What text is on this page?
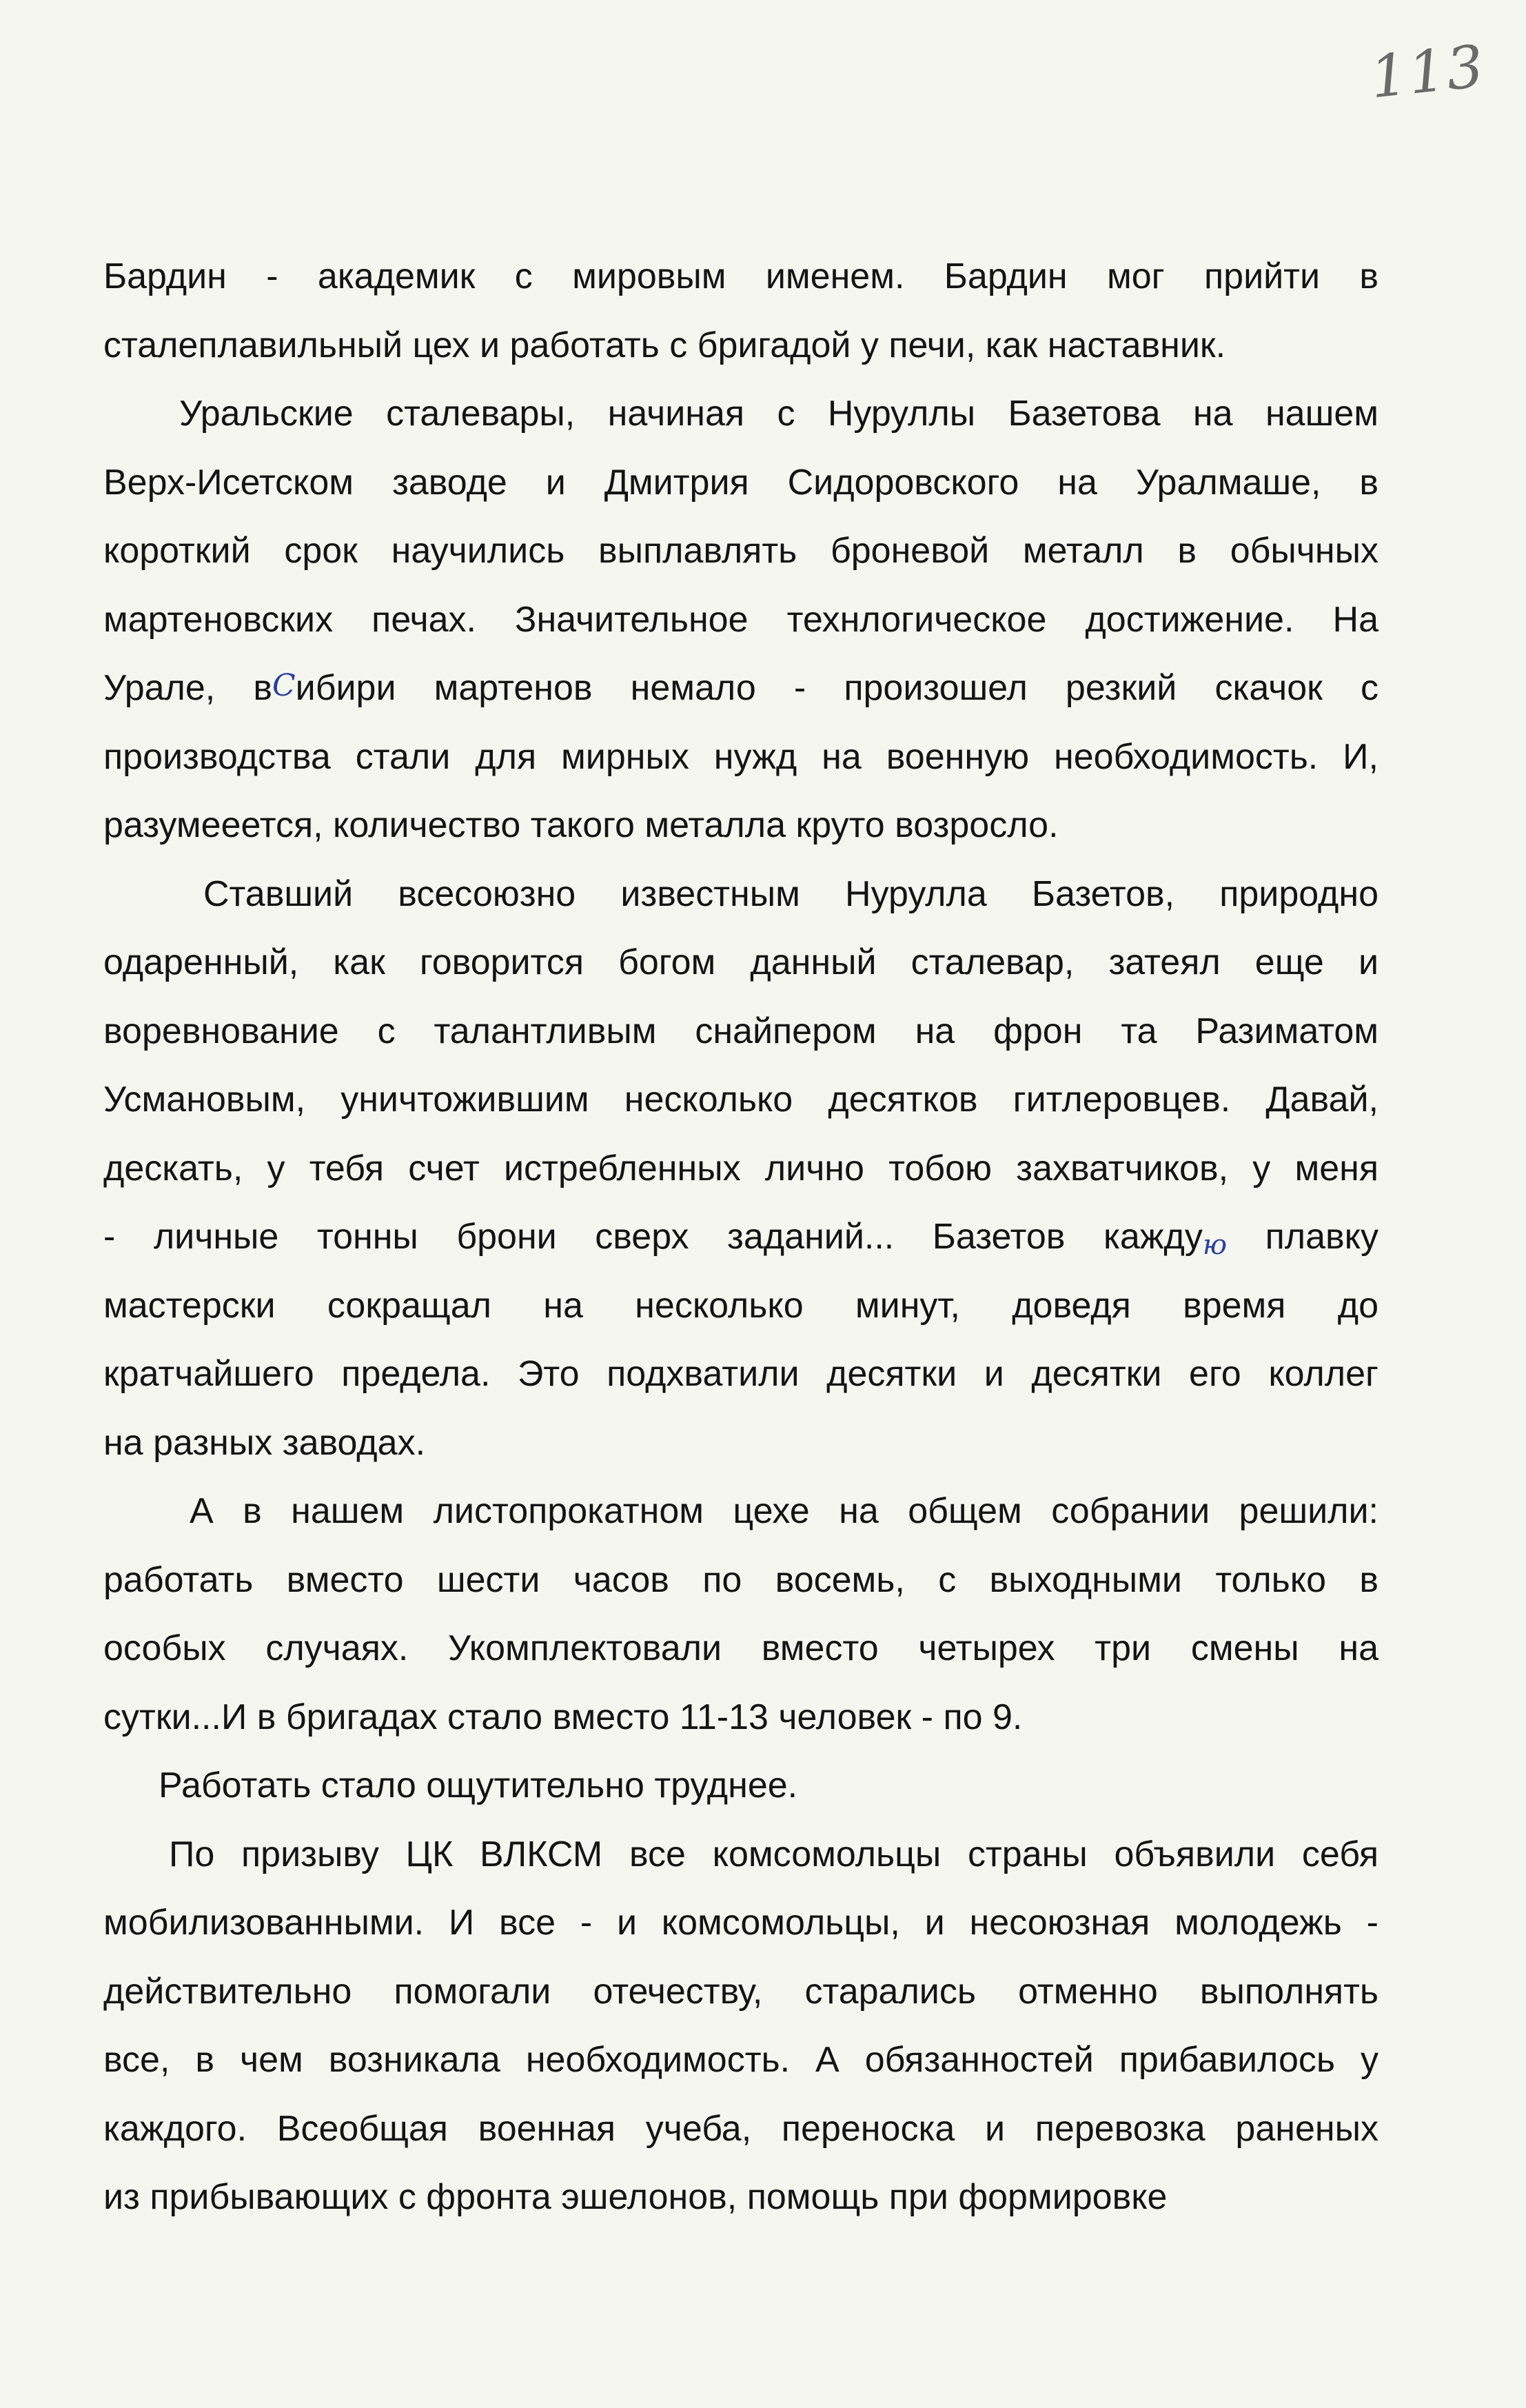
113
Бардин - академик с мировым именем. Бардин мог прийти в
сталеплавильный цех и работать с бригадой у печи, как наставник.
Уральские сталевары, начиная с Нуруллы Базетова на нашем
Верх-Исетском заводе и Дмитрия Сидоровского на Уралмаше, в
короткий срок научились выплавлять броневой металл в обычных
мартеновских печах. Значительное технлогическое достижение. На
Урале, вСибири мартенов немало - произошел резкий скачок с
производства стали для мирных нужд на военную необходимость. И,
разумееется, количество такого металла круто возросло.
Ставший всесоюзно известным Нурулла Базетов, природно
одаренный, как говорится богом данный сталевар, затеял еще и
воревнование с талантливым снайпером на фрон та Разиматом
Усмановым, уничтожившим несколько десятков гитлеровцев. Давай,
дескать, у тебя счет истребленных лично тобою захватчиков, у меня
- личные тонны брони сверх заданий... Базетов каждую плавку
мастерски сокращал на несколько минут, доведя время до
кратчайшего предела. Это подхватили десятки и десятки его коллег
на разных заводах.
А в нашем листопрокатном цехе на общем собрании решили:
работать вместо шести часов по восемь, с выходными только в
особых случаях. Укомплектовали вместо четырех три смены на
сутки...И в бригадах стало вместо 11-13 человек - по 9.
Работать стало ощутительно труднее.
По призыву ЦК ВЛКСМ все комсомольцы страны объявили себя
мобилизованными. И все - и комсомольцы, и несоюзная молодежь -
действительно помогали отечеству, старались отменно выполнять
все, в чем возникала необходимость. А обязанностей прибавилось у
каждого. Всеобщая военная учеба, переноска и перевозка раненых
из прибывающих с фронта эшелонов, помощь при формировке
